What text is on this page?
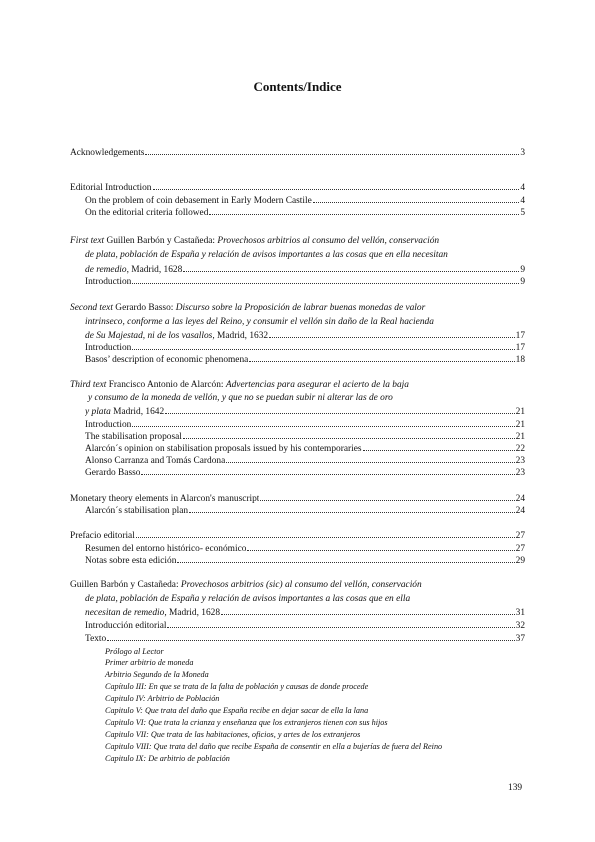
Contents/Indice
Acknowledgements	3
Editorial Introduction	4
On the problem of coin debasement in Early Modern Castile	4
On the editorial criteria followed	5
First text Guillen Barbón y Castañeda: Provechosos arbitrios al consumo del vellón, conservación
de plata, población de España y relación de avisos importantes a las cosas que en ella necesitan
de remedio, Madrid, 1628	9
Introduction	9
Second text Gerardo Basso: Discurso sobre la Proposición de labrar buenas monedas de valor
intrinseco, conforme a las leyes del Reino, y consumir el vellón sin daño de la Real hacienda
de Su Majestad, ni de los vasallos, Madrid, 1632	17
Introduction	17
Basos’ description of economic phenomena	18
Third text Francisco Antonio de Alarcón: Advertencias para asegurar el acierto de la baja
y consumo de la moneda de vellón, y que no se puedan subir ni alterar las de oro
y plata Madrid, 1642	21
Introduction	21
The stabilisation proposal	21
Alarcón´s opinion on stabilisation proposals issued by his contemporaries	22
Alonso Carranza and Tomás Cardona	23
Gerardo Basso	23
Monetary theory elements in Alarcon's manuscript	24
Alarcón´s stabilisation plan	24
Prefacio editorial	27
Resumen del entorno histórico- económico	27
Notas sobre esta edición	29
Guillen Barbón y Castañeda: Provechosos arbitrios (sic) al consumo del vellón, conservación
de plata, población de España y relación de avisos importantes a las cosas que en ella
necesitan de remedio, Madrid, 1628	31
Introducción editorial	32
Texto	37
Prólogo al Lector
Primer arbitrio de moneda
Arbitrio Segundo de la Moneda
Capítulo III: En que se trata de la falta de población y causas de donde procede
Capitulo IV: Arbitrio de Población
Capitulo V: Que trata del daño que España recibe en dejar sacar de ella la lana
Capitulo VI: Que trata la crianza y enseñanza que los extranjeros tienen con sus hijos
Capitulo VII: Que trata de las habitaciones, oficios, y artes de los extranjeros
Capitulo VIII: Que trata del daño que recibe España de consentir en ella a bujerías de fuera del Reino
Capitulo IX: De arbitrio de población
139
